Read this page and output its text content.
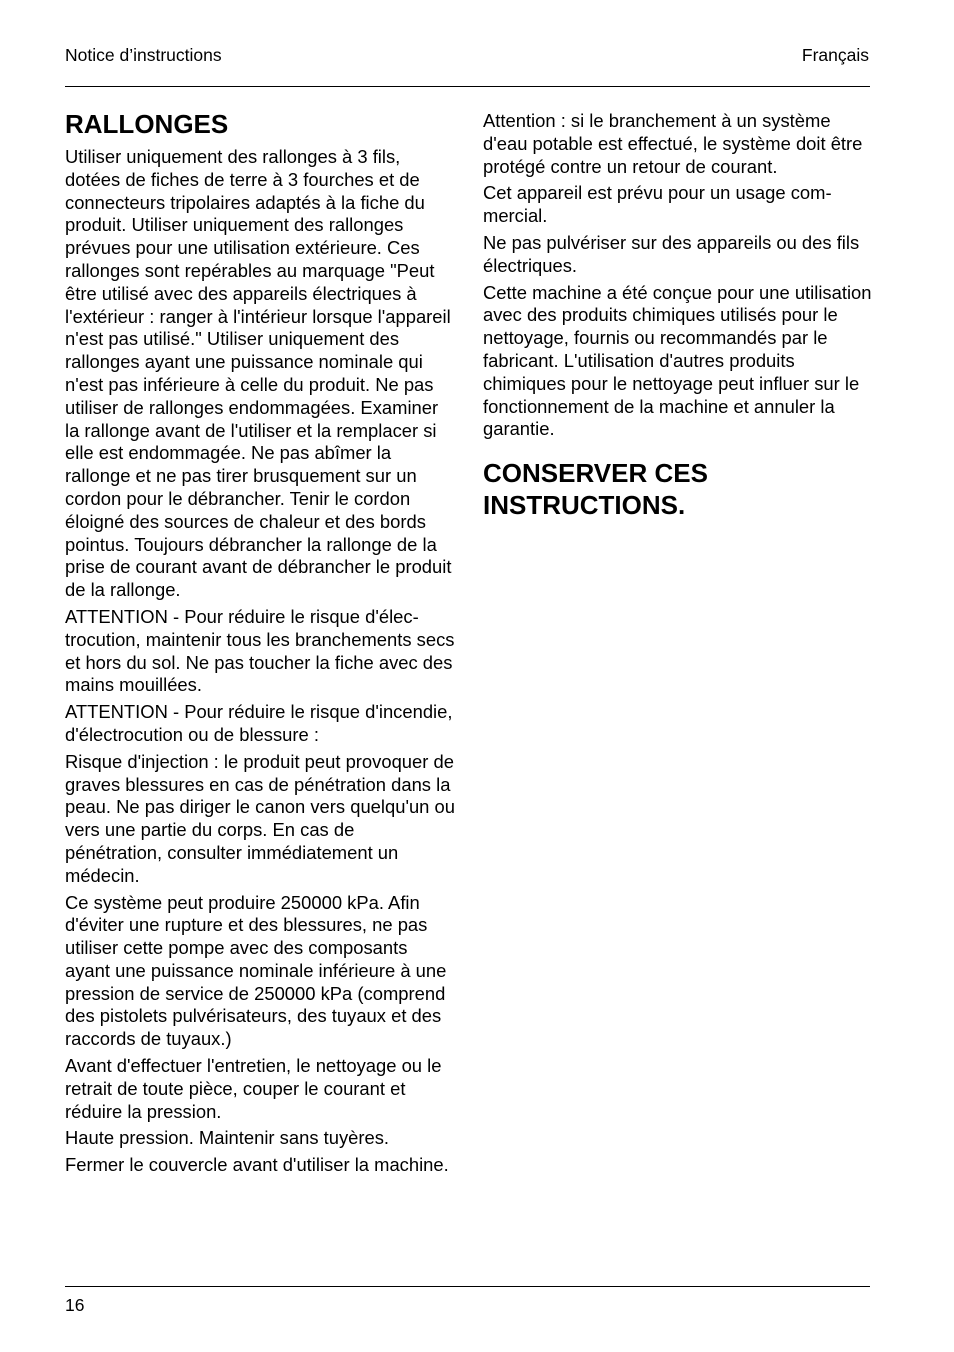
Notice d’instructions	Français
RALLONGES

Utiliser uniquement des rallonges à 3 fils, dotées de fiches de terre à 3 fourches et de connecteurs tripolaires adaptés à la fiche du produit. Utiliser uniquement des rallonges prévues pour une utilisation extérieure. Ces rallonges sont repérables au marquage "Peut être utilisé avec des appareils électriques à l'extérieur : ranger à l'intérieur lorsque l'appareil n'est pas utilisé." Utiliser uniquement des rallonges ayant une puissance nominale qui n'est pas inférieure à celle du produit. Ne pas utiliser de rallonges endommagées. Examiner la rallonge avant de l'utiliser et la remplacer si elle est endommagée. Ne pas abîmer la rallonge et ne pas tirer brusquement sur un cordon pour le débrancher. Tenir le cordon éloigné des sources de chaleur et des bords pointus. Toujours débrancher la rallonge de la prise de courant avant de débrancher le produit de la rallonge.

ATTENTION - Pour réduire le risque d'électrocution, maintenir tous les branchements secs et hors du sol. Ne pas toucher la fiche avec des mains mouillées.

ATTENTION - Pour réduire le risque d'incendie, d'électrocution ou de blessure :

Risque d'injection : le produit peut provoquer de graves blessures en cas de pénétration dans la peau. Ne pas diriger le canon vers quelqu'un ou vers une partie du corps. En cas de pénétration, consulter immédiatement un médecin.

Ce système peut produire 250000 kPa. Afin d'éviter une rupture et des blessures, ne pas utiliser cette pompe avec des composants ayant une puissance nominale inférieure à une pression de service de 250000 kPa (comprend des pistolets pulvérisateurs, des tuyaux et des raccords de tuyaux.)

Avant d'effectuer l'entretien, le nettoyage ou le retrait de toute pièce, couper le courant et réduire la pression.

Haute pression. Maintenir sans tuyères.

Fermer le couvercle avant d'utiliser la machine.

Attention : si le branchement à un système d'eau potable est effectué, le système doit être protégé contre un retour de courant.

Cet appareil est prévu pour un usage commercial.

Ne pas pulvériser sur des appareils ou des fils électriques.

Cette machine a été conçue pour une utilisation avec des produits chimiques utilisés pour le nettoyage, fournis ou recommandés par le fabricant. L'utilisation d'autres produits chimiques pour le nettoyage peut influer sur le fonctionnement de la machine et annuler la garantie.

CONSERVER CES INSTRUCTIONS.
16
